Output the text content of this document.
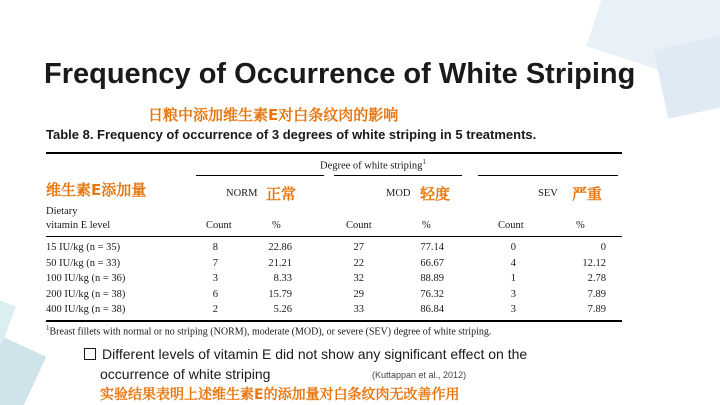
Frequency of Occurrence of White Striping
日粮中添加维生素E对白条纹肉的影响
Table 8. Frequency of occurrence of 3 degrees of white striping in 5 treatments.
Degree of white striping$^1$
NORM	MOD	SEV
Dietary
vitamin E level	Count	%	Count	%	Count	%
15 IU/kg (n = 35)	8	22.86	27	77.14	0	0
50 IU/kg (n = 33)	7	21.21	22	66.67	4	12.12
100 IU/kg (n = 36)	3	8.33	32	88.89	1	2.78
200 IU/kg (n = 38)	6	15.79	29	76.32	3	7.89
400 IU/kg (n = 38)	2	5.26	33	86.84	3	7.89
$^1$Breast fillets with normal or no striping (NORM), moderate (MOD), or severe (SEV) degree of white striping.
维生素E添加量	正常	轻度	严重
Different levels of vitamin E did not show any significant effect on the
occurrence of white striping	(Kuttappan et al., 2012)
实验结果表明上述维生素E的添加量对白条纹肉无改善作用
